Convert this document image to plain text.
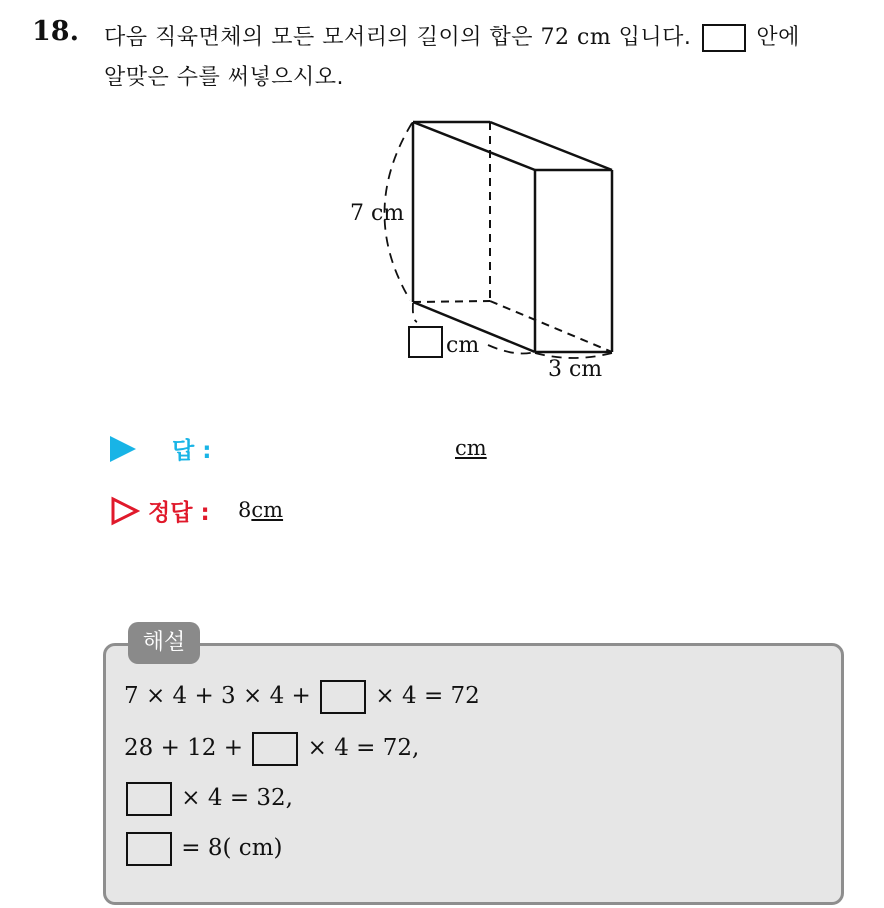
18. 다음 직육면체의 모든 모서리의 길이의 합은 72 cm 입니다.  안에
알맞은 수를 써넣으시오.
7 cm
cm
3 cm
답 :	cm
정답 : 8cm
해설
7 × 4 + 3 × 4 +  × 4 = 72
28 + 12 +  × 4 = 72,
× 4 = 32,
= 8( cm)
